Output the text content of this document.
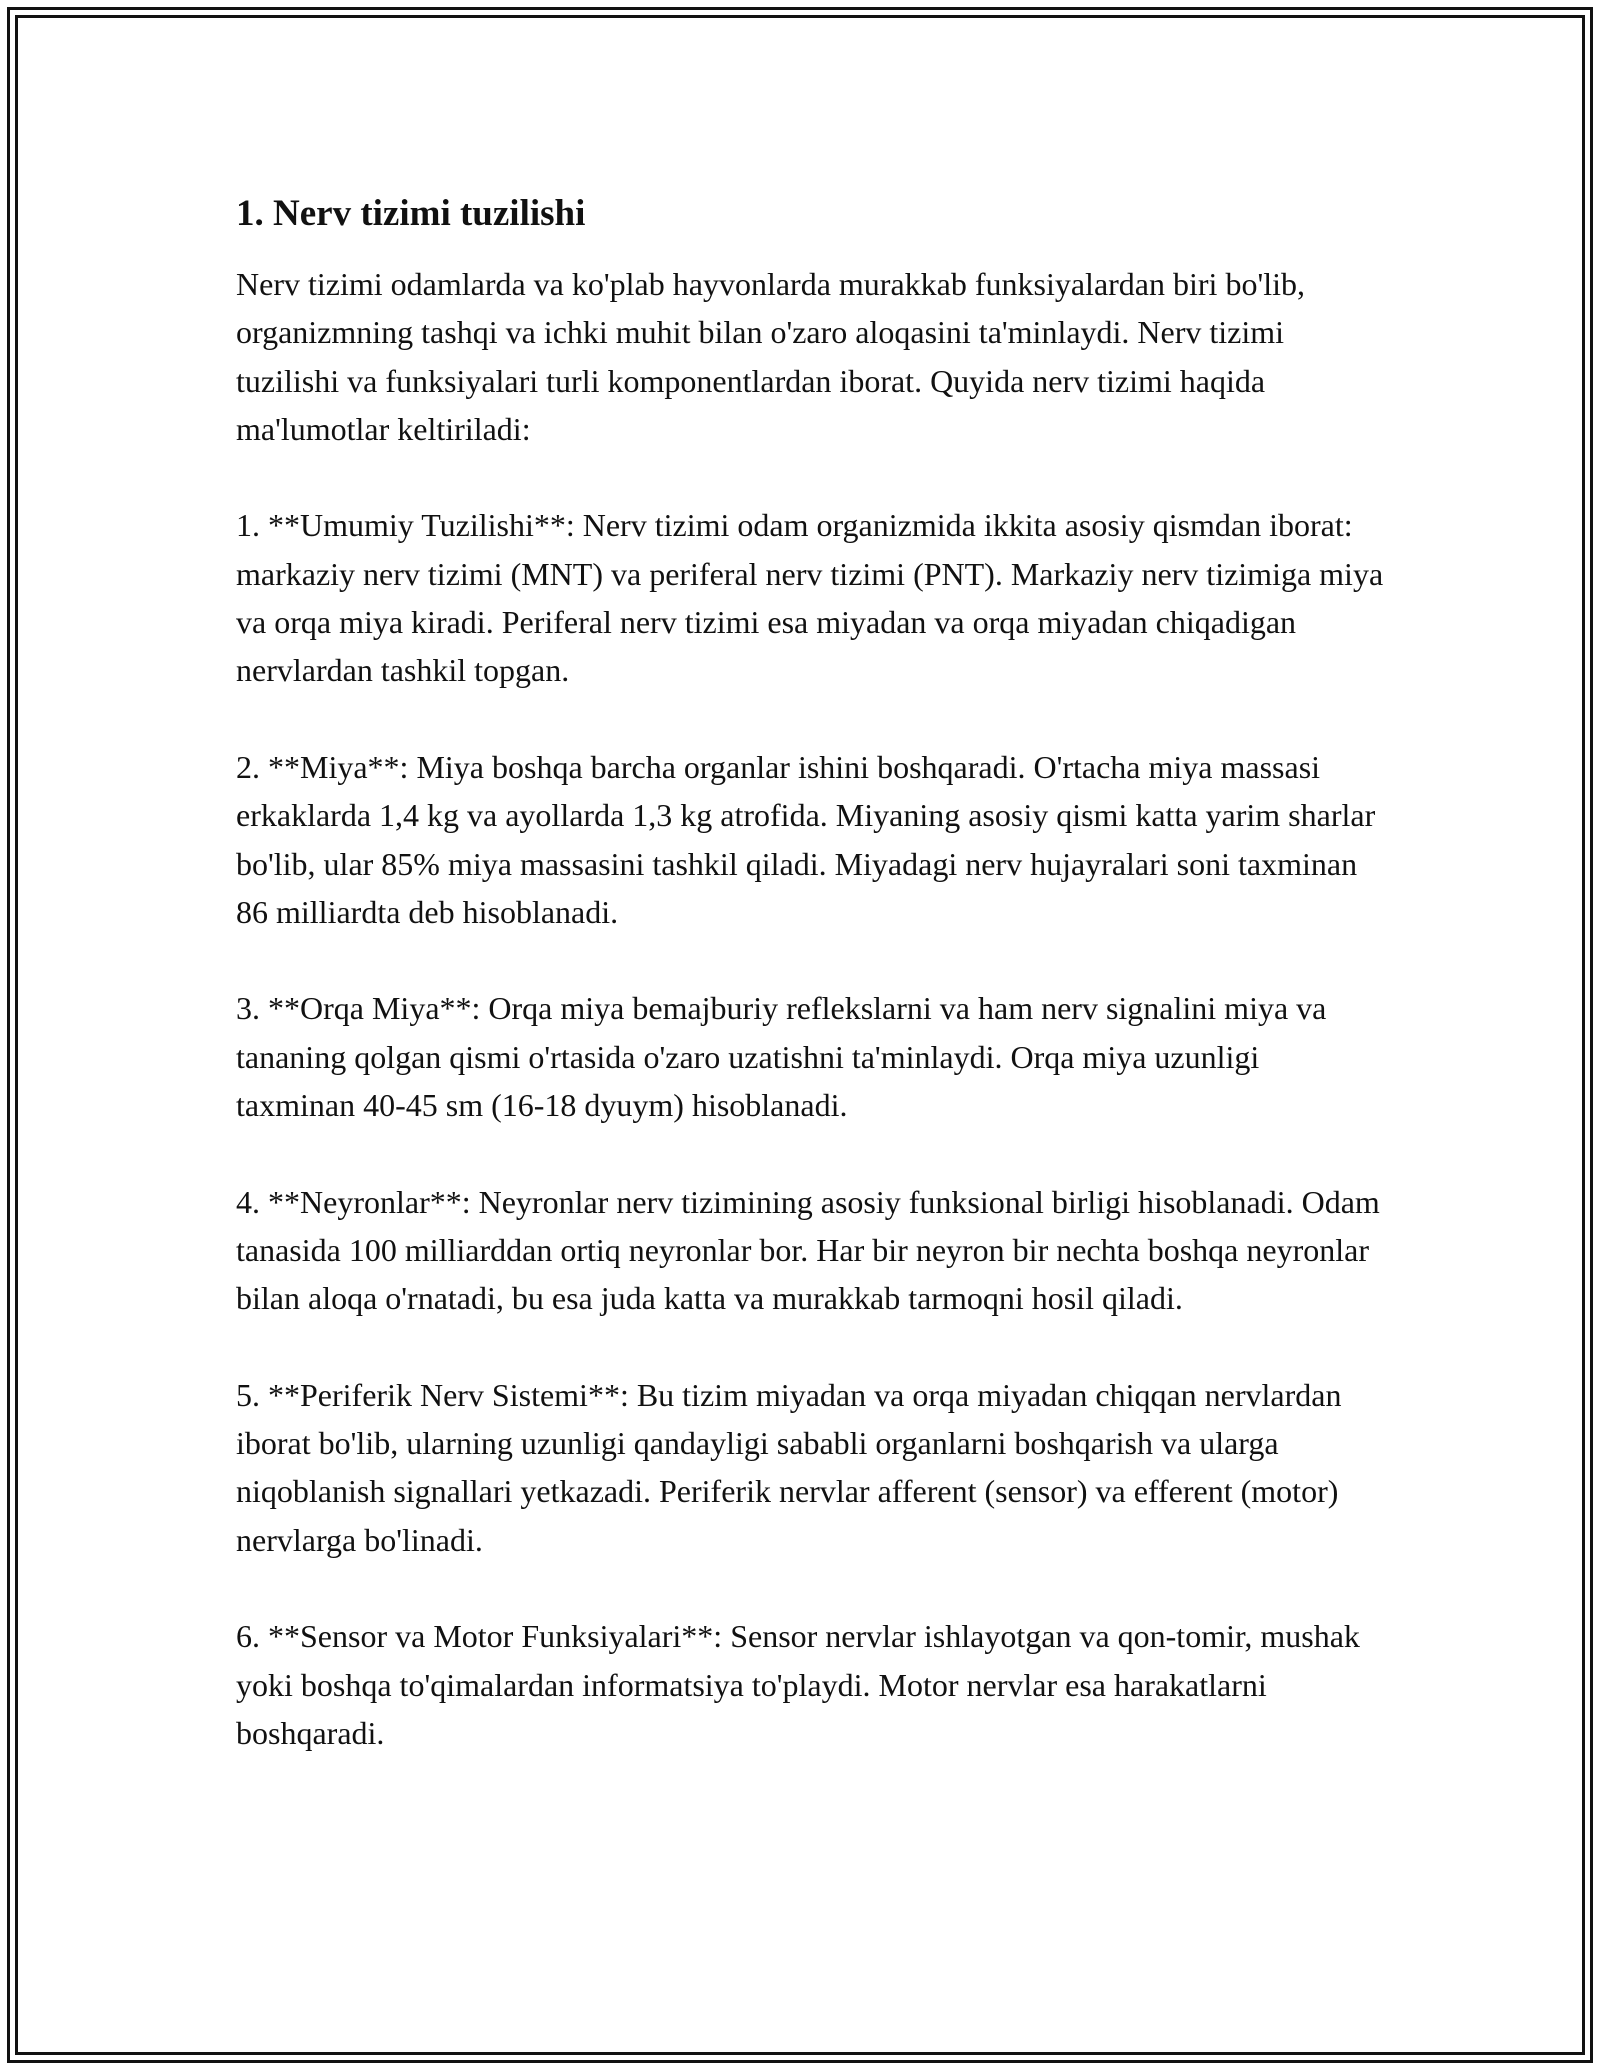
1. Nerv tizimi tuzilishi

Nerv tizimi odamlarda va ko'plab hayvonlarda murakkab funksiyalardan biri bo'lib, organizmning tashqi va ichki muhit bilan o'zaro aloqasini ta'minlaydi. Nerv tizimi tuzilishi va funksiyalari turli komponentlardan iborat. Quyida nerv tizimi haqida ma'lumotlar keltiriladi:

1. **Umumiy Tuzilishi**: Nerv tizimi odam organizmida ikkita asosiy qismdan iborat: markaziy nerv tizimi (MNT) va periferal nerv tizimi (PNT). Markaziy nerv tizimiga miya va orqa miya kiradi. Periferal nerv tizimi esa miyadan va orqa miyadan chiqadigan nervlardan tashkil topgan.

2. **Miya**: Miya boshqa barcha organlar ishini boshqaradi. O'rtacha miya massasi erkaklarda 1,4 kg va ayollarda 1,3 kg atrofida. Miyaning asosiy qismi katta yarim sharlar bo'lib, ular 85% miya massasini tashkil qiladi. Miyadagi nerv hujayralari soni taxminan 86 milliardta deb hisoblanadi.

3. **Orqa Miya**: Orqa miya bemajburiy reflekslarni va ham nerv signalini miya va tananing qolgan qismi o'rtasida o'zaro uzatishni ta'minlaydi. Orqa miya uzunligi taxminan 40-45 sm (16-18 dyuym) hisoblanadi.

4. **Neyronlar**: Neyronlar nerv tizimining asosiy funksional birligi hisoblanadi. Odam tanasida 100 milliarddan ortiq neyronlar bor. Har bir neyron bir nechta boshqa neyronlar bilan aloqa o'rnatadi, bu esa juda katta va murakkab tarmoqni hosil qiladi.

5. **Periferik Nerv Sistemi**: Bu tizim miyadan va orqa miyadan chiqqan nervlardan iborat bo'lib, ularning uzunligi qandayligi sababli organlarni boshqarish va ularga niqoblanish signallari yetkazadi. Periferik nervlar afferent (sensor) va efferent (motor) nervlarga bo'linadi.

6. **Sensor va Motor Funksiyalari**: Sensor nervlar ishlayotgan va qon-tomir, mushak yoki boshqa to'qimalardan informatsiya to'playdi. Motor nervlar esa harakatlarni boshqaradi.
